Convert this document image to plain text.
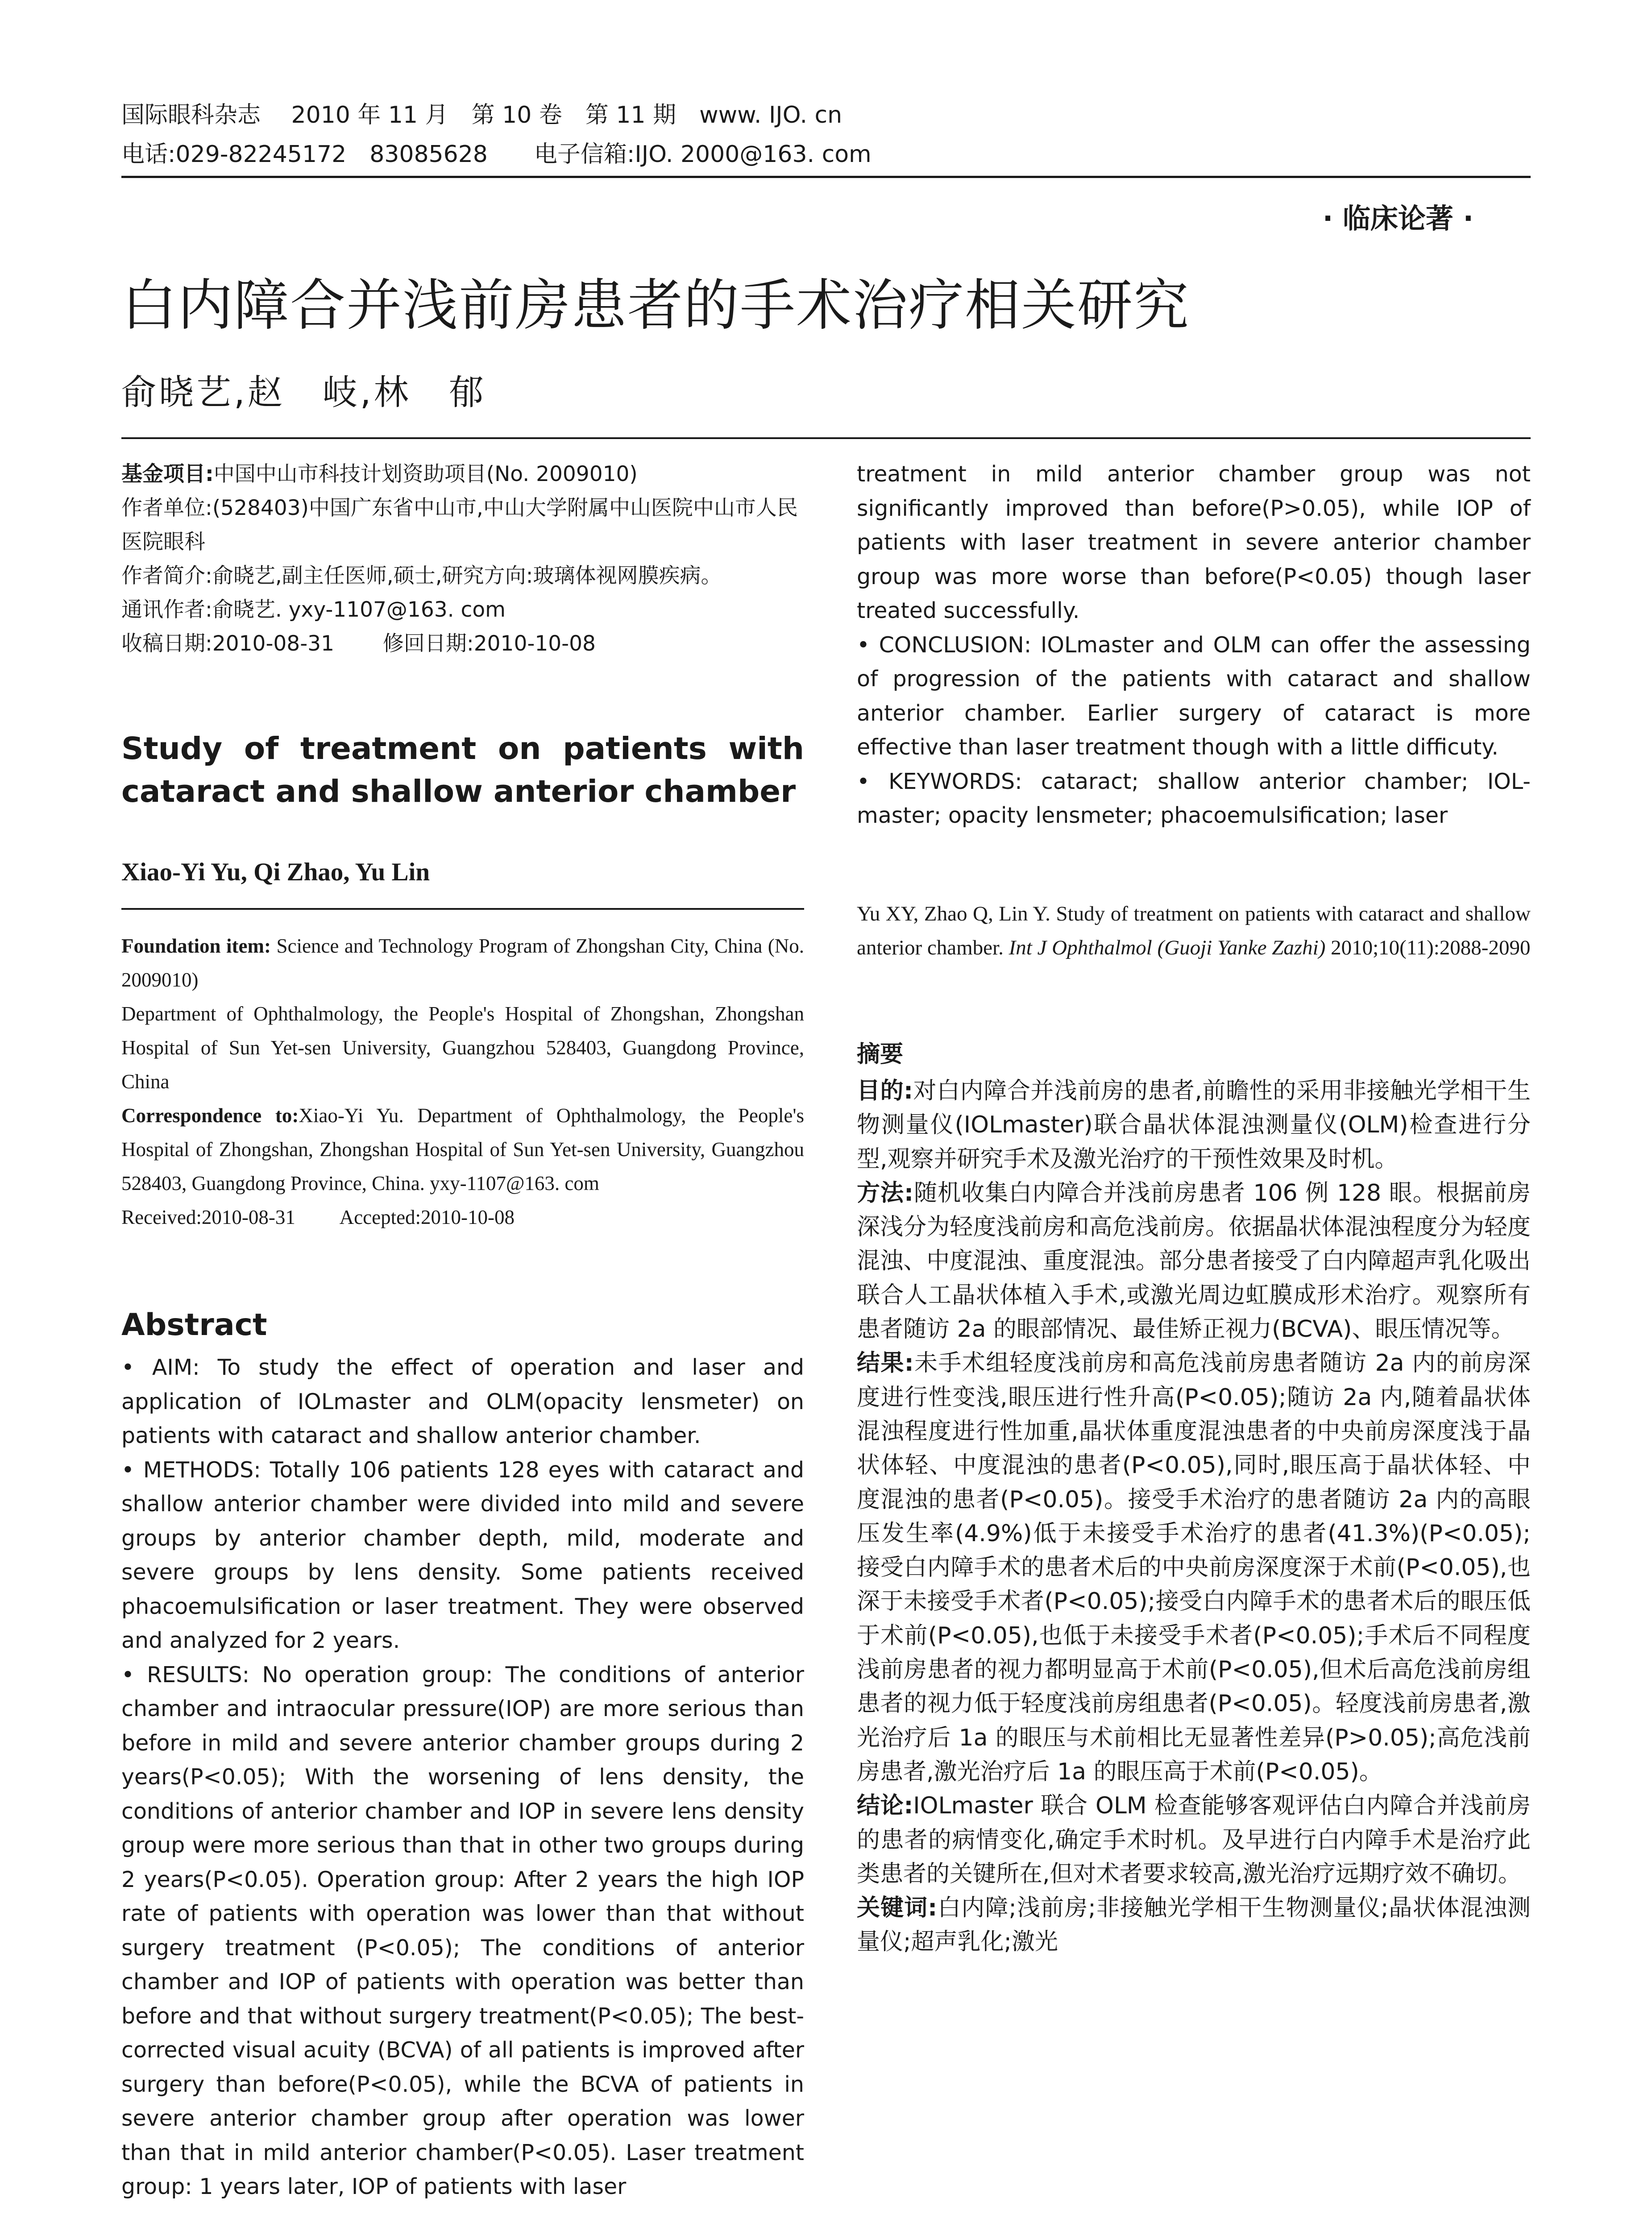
国际眼科杂志　 2010 年 11 月　第 10 卷　第 11 期　www. IJO. cn
电话:029-82245172　83085628　　电子信箱:IJO. 2000@163. com
· 临床论著 ·
白内障合并浅前房患者的手术治疗相关研究
俞晓艺,赵　岐,林　郁

基金项目:中国中山市科技计划资助项目(No. 2009010)

作者单位:(528403)中国广东省中山市,中山大学附属中山医院中山市人民医院眼科

作者简介:俞晓艺,副主任医师,硕士,研究方向:玻璃体视网膜疾病。

通讯作者:俞晓艺. yxy-1107@163. com

收稿日期:2010-08-31　　 修回日期:2010-10-08

Study of treatment on patients with cataract and shallow anterior chamber
Xiao-Yi Yu, Qi Zhao, Yu Lin

Foundation item: Science and Technology Program of Zhongshan City, China (No. 2009010)

Department of Ophthalmology, the People's Hospital of Zhongshan, Zhongshan Hospital of Sun Yet-sen University, Guangzhou 528403, Guangdong Province, China

Correspondence to:Xiao-Yi Yu. Department of Ophthalmology, the People's Hospital of Zhongshan, Zhongshan Hospital of Sun Yet-sen University, Guangzhou 528403, Guangdong Province, China. yxy-1107@163. com

Received:2010-08-31　　 Accepted:2010-10-08

Abstract

• AIM: To study the effect of operation and laser and application of IOLmaster and OLM(opacity lensmeter) on patients with cataract and shallow anterior chamber.

• METHODS: Totally 106 patients 128 eyes with cataract and shallow anterior chamber were divided into mild and severe groups by anterior chamber depth, mild, moderate and severe groups by lens density. Some patients received phacoemulsification or laser treatment. They were observed and analyzed for 2 years.

• RESULTS: No operation group: The conditions of anterior chamber and intraocular pressure(IOP) are more serious than before in mild and severe anterior chamber groups during 2 years(P<0.05); With the worsening of lens density, the conditions of anterior chamber and IOP in severe lens density group were more serious than that in other two groups during 2 years(P<0.05). Operation group: After 2 years the high IOP rate of patients with operation was lower than that without surgery treatment (P<0.05); The conditions of anterior chamber and IOP of patients with operation was better than before and that without surgery treatment(P<0.05); The best-corrected visual acuity (BCVA) of all patients is improved after surgery than before(P<0.05), while the BCVA of patients in severe anterior chamber group after operation was lower than that in mild anterior chamber(P<0.05). Laser treatment group: 1 years later, IOP of patients with laser

treatment in mild anterior chamber group was not significantly improved than before(P>0.05), while IOP of patients with laser treatment in severe anterior chamber group was more worse than before(P<0.05) though laser treated successfully.

• CONCLUSION: IOLmaster and OLM can offer the assessing of progression of the patients with cataract and shallow anterior chamber. Earlier surgery of cataract is more effective than laser treatment though with a little difficuty.

• KEYWORDS: cataract; shallow anterior chamber; IOL-master; opacity lensmeter; phacoemulsification; laser

Yu XY, Zhao Q, Lin Y. Study of treatment on patients with cataract and shallow anterior chamber. Int J Ophthalmol (Guoji Yanke Zazhi) 2010;10(11):2088-2090
摘要

目的:对白内障合并浅前房的患者,前瞻性的采用非接触光学相干生物测量仪(IOLmaster)联合晶状体混浊测量仪(OLM)检查进行分型,观察并研究手术及激光治疗的干预性效果及时机。

方法:随机收集白内障合并浅前房患者 106 例 128 眼。根据前房深浅分为轻度浅前房和高危浅前房。依据晶状体混浊程度分为轻度混浊、中度混浊、重度混浊。部分患者接受了白内障超声乳化吸出联合人工晶状体植入手术,或激光周边虹膜成形术治疗。观察所有患者随访 2a 的眼部情况、最佳矫正视力(BCVA)、眼压情况等。

结果:未手术组轻度浅前房和高危浅前房患者随访 2a 内的前房深度进行性变浅,眼压进行性升高(P<0.05);随访 2a 内,随着晶状体混浊程度进行性加重,晶状体重度混浊患者的中央前房深度浅于晶状体轻、中度混浊的患者(P<0.05),同时,眼压高于晶状体轻、中度混浊的患者(P<0.05)。接受手术治疗的患者随访 2a 内的高眼压发生率(4.9%)低于未接受手术治疗的患者(41.3%)(P<0.05);接受白内障手术的患者术后的中央前房深度深于术前(P<0.05),也深于未接受手术者(P<0.05);接受白内障手术的患者术后的眼压低于术前(P<0.05),也低于未接受手术者(P<0.05);手术后不同程度浅前房患者的视力都明显高于术前(P<0.05),但术后高危浅前房组患者的视力低于轻度浅前房组患者(P<0.05)。轻度浅前房患者,激光治疗后 1a 的眼压与术前相比无显著性差异(P>0.05);高危浅前房患者,激光治疗后 1a 的眼压高于术前(P<0.05)。

结论:IOLmaster 联合 OLM 检查能够客观评估白内障合并浅前房的患者的病情变化,确定手术时机。及早进行白内障手术是治疗此类患者的关键所在,但对术者要求较高,激光治疗远期疗效不确切。

关键词:白内障;浅前房;非接触光学相干生物测量仪;晶状体混浊测量仪;超声乳化;激光
